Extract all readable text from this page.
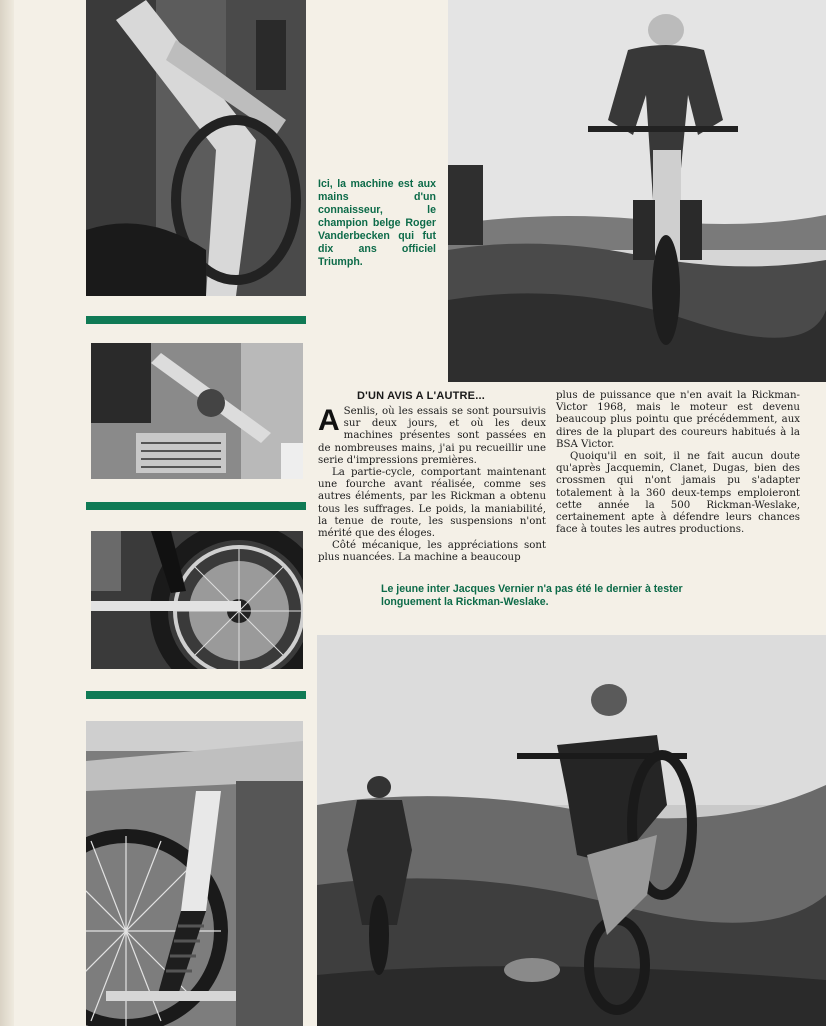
Ici, la machine est aux mains d'un connaisseur, le champion belge Roger Vanderbecken qui fut dix ans officiel Triumph.
Le jeune inter Jacques Vernier n'a pas été le dernier à tester longuement la Rickman-Weslake.
D'UN AVIS A L'AUTRE...

A Senlis, où les essais se sont poursuivis sur deux jours, et où les deux machines présentes sont passées en de nombreuses mains, j'ai pu recueillir une serie d'impressions premières.

La partie-cycle, comportant maintenant une fourche avant réalisée, comme ses autres éléments, par les Rickman a obtenu tous les suffrages. Le poids, la maniabilité, la tenue de route, les suspensions n'ont mérité que des éloges.

Côté mécanique, les appréciations sont plus nuancées. La machine a beaucoup

plus de puissance que n'en avait la Rickman-Victor 1968, mais le moteur est devenu beaucoup plus pointu que précédemment, aux dires de la plupart des coureurs habitués à la BSA Victor.

Quoiqu'il en soit, il ne fait aucun doute qu'après Jacquemin, Clanet, Dugas, bien des crossmen qui n'ont jamais pu s'adapter totalement à la 360 deux-temps emploieront cette année la 500 Rickman-Weslake, certainement apte à défendre leurs chances face à toutes les autres productions.
